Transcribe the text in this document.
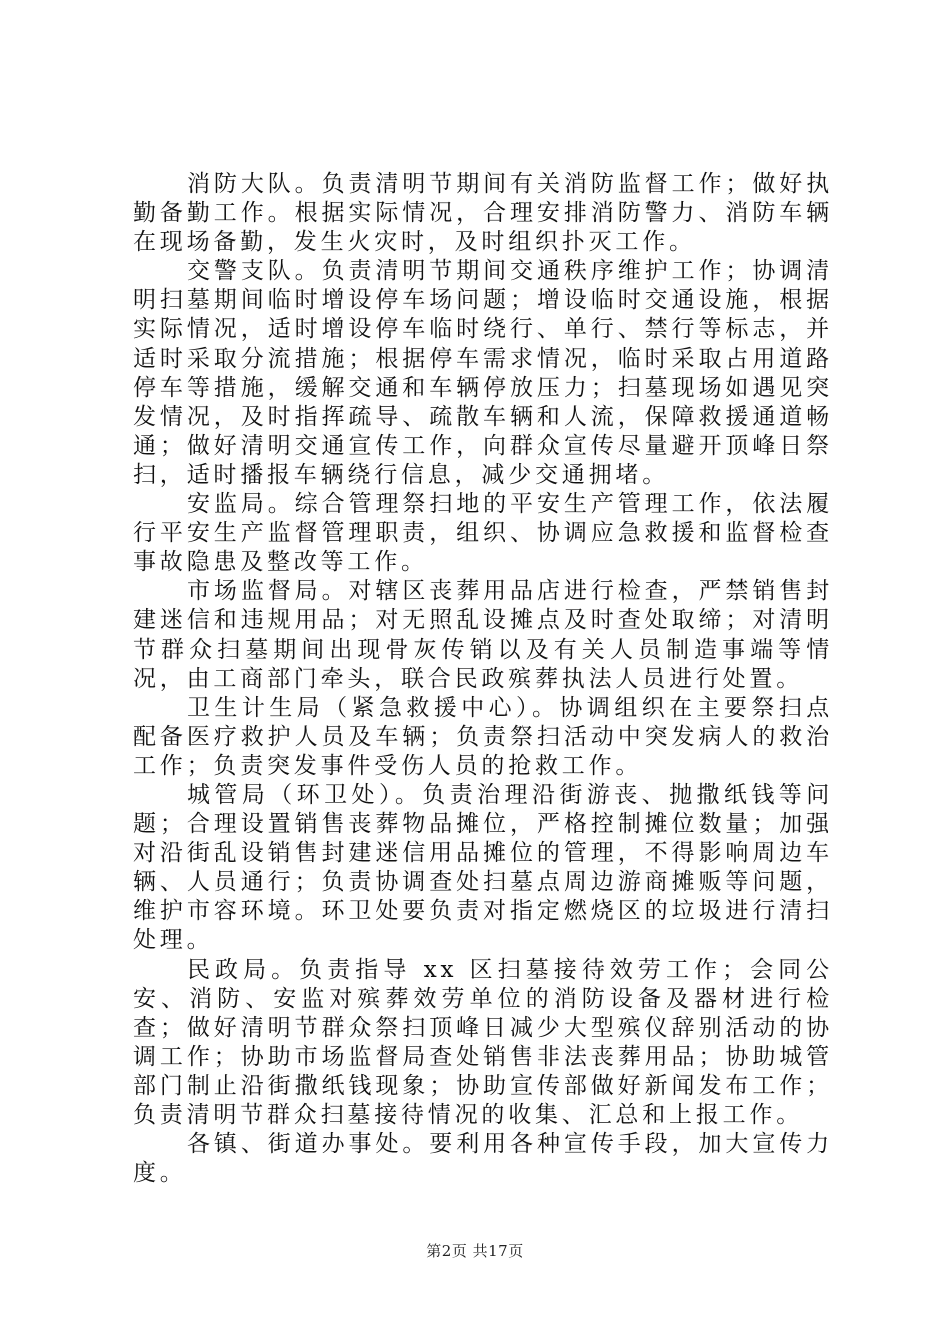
消防大队。负责清明节期间有关消防监督工作；做好执勤备勤工作。根据实际情况，合理安排消防警力、消防车辆在现场备勤，发生火灾时，及时组织扑灭工作。

交警支队。负责清明节期间交通秩序维护工作；协调清明扫墓期间临时增设停车场问题；增设临时交通设施，根据实际情况，适时增设停车临时绕行、单行、禁行等标志，并适时采取分流措施；根据停车需求情况，临时采取占用道路停车等措施，缓解交通和车辆停放压力；扫墓现场如遇见突发情况，及时指挥疏导、疏散车辆和人流，保障救援通道畅通；做好清明交通宣传工作，向群众宣传尽量避开顶峰日祭扫，适时播报车辆绕行信息，减少交通拥堵。

安监局。综合管理祭扫地的平安生产管理工作，依法履行平安生产监督管理职责，组织、协调应急救援和监督检查事故隐患及整改等工作。

市场监督局。对辖区丧葬用品店进行检查，严禁销售封建迷信和违规用品；对无照乱设摊点及时查处取缔；对清明节群众扫墓期间出现骨灰传销以及有关人员制造事端等情况，由工商部门牵头，联合民政殡葬执法人员进行处置。

卫生计生局（紧急救援中心）。协调组织在主要祭扫点配备医疗救护人员及车辆；负责祭扫活动中突发病人的救治工作；负责突发事件受伤人员的抢救工作。

城管局（环卫处）。负责治理沿街游丧、抛撒纸钱等问题；合理设置销售丧葬物品摊位，严格控制摊位数量；加强对沿街乱设销售封建迷信用品摊位的管理，不得影响周边车辆、人员通行；负责协调查处扫墓点周边游商摊贩等问题，维护市容环境。环卫处要负责对指定燃烧区的垃圾进行清扫处理。

民政局。负责指导 xx 区扫墓接待效劳工作；会同公安、消防、安监对殡葬效劳单位的消防设备及器材进行检查；做好清明节群众祭扫顶峰日减少大型殡仪辞别活动的协调工作；协助市场监督局查处销售非法丧葬用品；协助城管部门制止沿街撒纸钱现象；协助宣传部做好新闻发布工作；负责清明节群众扫墓接待情况的收集、汇总和上报工作。

各镇、街道办事处。要利用各种宣传手段，加大宣传力度。

第2页 共17页
